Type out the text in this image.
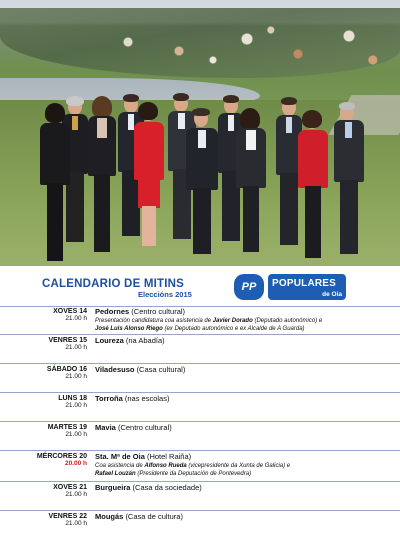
CALENDARIO DE MITINS
Eleccións 2015
PP	POPULARES
de Oia
XOVES 14
21.00 h
Pedornes (Centro cultural)
Presentación candidatura coa asistencia de Javier Dorado (Deputado autonómico) e
José Luis Alonso Riego (ex Deputado autonómico e ex Alcalde de A Guarda)
VENRES 15
21.00 h
Loureza (na Abadía)
SÁBADO 16
21.00 h
Viladesuso (Casa cultural)
LUNS 18
21.00 h
Torroña (nas escolas)
MARTES 19
21.00 h
Mavia (Centro cultural)
MÉRCORES 20
20.00 h
Sta. Mª de Oia (Hotel Raiña)
Coa asistencia de Alfonso Rueda (vicepresidente da Xunta de Galicia) e
Rafael Louzán (Presidente da Deputación de Pontevedra)
XOVES 21
21.00 h
Burgueira (Casa da sociedade)
VENRES 22
21.00 h
Mougás (Casa de cultura)
